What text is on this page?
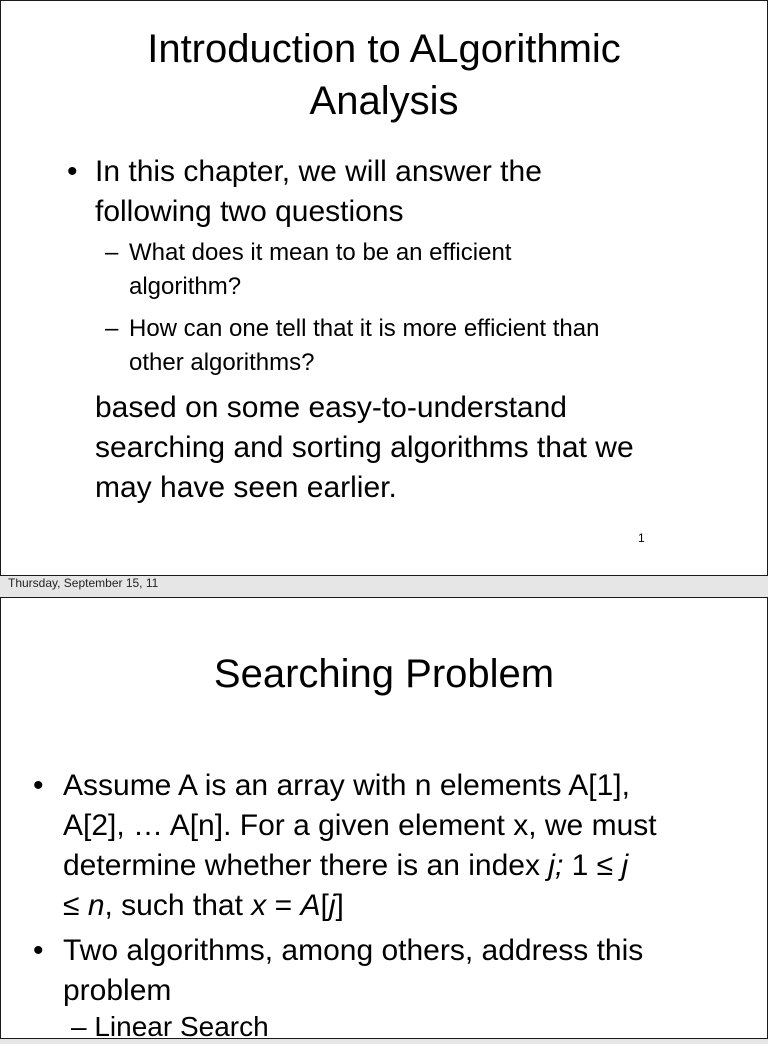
Introduction to ALgorithmic
Analysis
• In this chapter, we will answer the
following two questions
– What does it mean to be an efficient
algorithm?
– How can one tell that it is more efficient than
other algorithms?
based on some easy-to-understand
searching and sorting algorithms that we
may have seen earlier.
1
Thursday, September 15, 11
Searching Problem
• Assume A is an array with n elements A[1],
A[2], … A[n]. For a given element x, we must
determine whether there is an index j; 1 ≤ j
≤ n, such that x = A[j]
• Two algorithms, among others, address this
problem
– Linear Search
